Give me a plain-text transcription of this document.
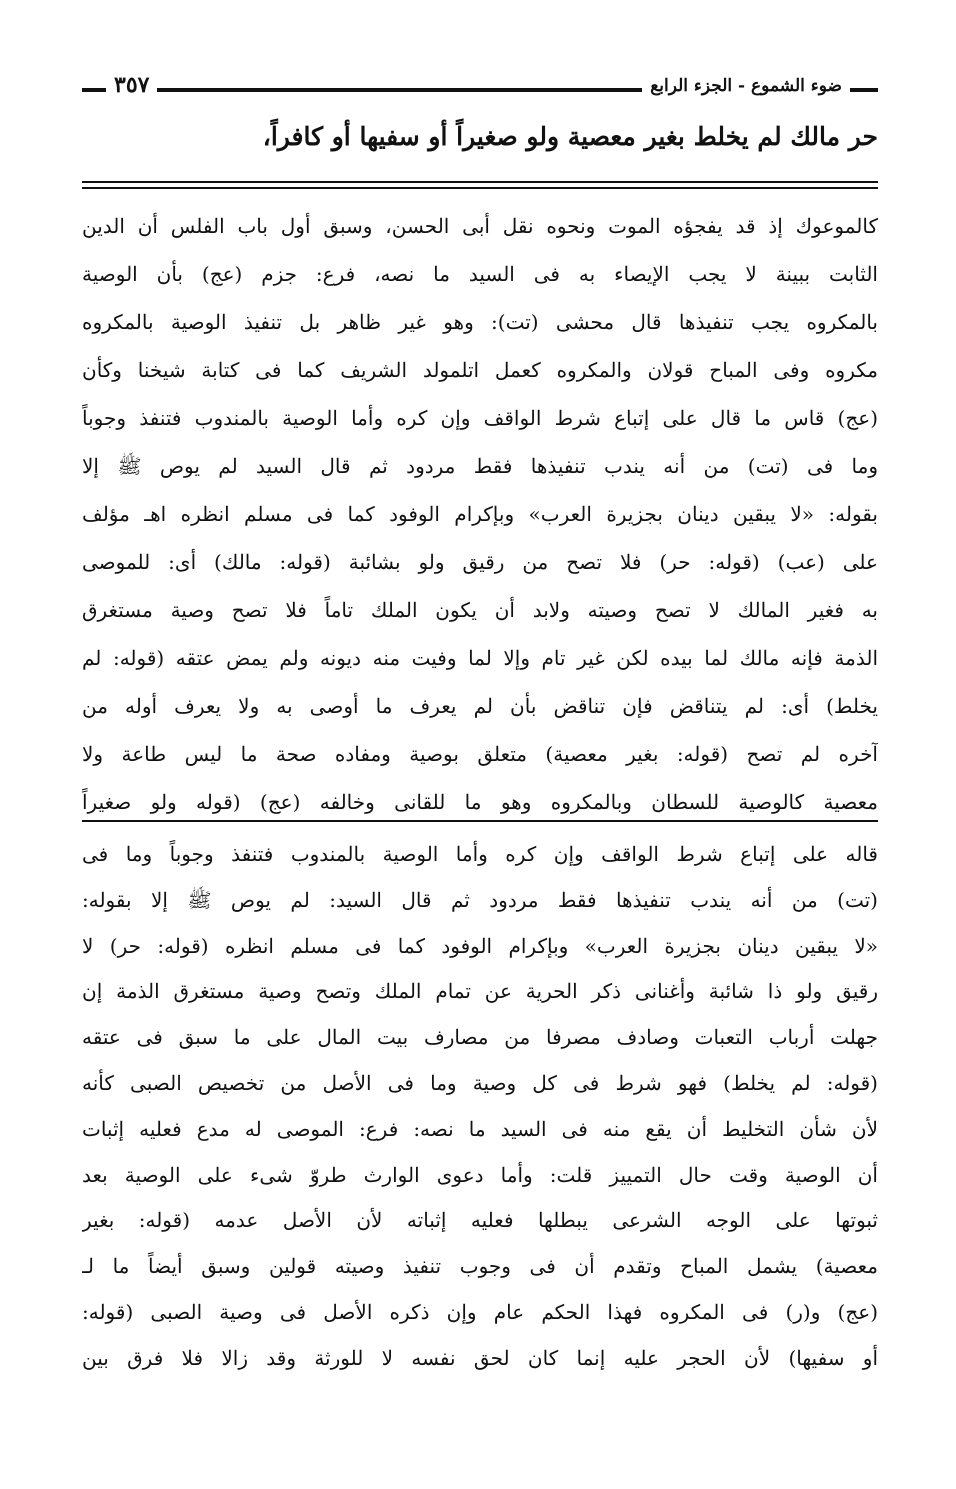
ضوء الشموع - الجزء الرابع
٣٥٧
حر مالك لم يخلط بغير معصية ولو صغيراً أو سفيها أو كافراً،
كالموعوك إذ قد يفجؤه الموت ونحوه نقل أبى الحسن، وسبق أول باب الفلس أن الدين
الثابت ببينة لا يجب الإيصاء به فى السيد ما نصه، فرع: جزم (عج) بأن الوصية
بالمكروه يجب تنفيذها قال محشى (تت): وهو غير ظاهر بل تنفيذ الوصية بالمكروه
مكروه وفى المباح قولان والمكروه كعمل اتلمولد الشريف كما فى كتابة شيخنا وكأن
(عج) قاس ما قال على إتباع شرط الواقف وإن كره وأما الوصية بالمندوب فتنفذ وجوباً
وما فى (تت) من أنه يندب تنفيذها فقط مردود ثم قال السيد لم يوص ﷺ إلا
بقوله: «لا يبقين دينان بجزيرة العرب» وبإكرام الوفود كما فى مسلم انظره اهـ مؤلف
على (عب) (قوله: حر) فلا تصح من رقيق ولو بشائبة (قوله: مالك) أى: للموصى
به فغير المالك لا تصح وصيته ولابد أن يكون الملك تاماً فلا تصح وصية مستغرق
الذمة فإنه مالك لما بيده لكن غير تام وإلا لما وفيت منه ديونه ولم يمض عتقه (قوله: لم
يخلط) أى: لم يتناقض فإن تناقض بأن لم يعرف ما أوصى به ولا يعرف أوله من
آخره لم تصح (قوله: بغير معصية) متعلق بوصية ومفاده صحة ما ليس طاعة ولا
معصية كالوصية للسطان وبالمكروه وهو ما للقانى وخالفه (عج) (قوله ولو صغيراً
قاله على إتباع شرط الواقف وإن كره وأما الوصية بالمندوب فتنفذ وجوباً وما فى
(تت) من أنه يندب تنفيذها فقط مردود ثم قال السيد: لم يوص ﷺ إلا بقوله:
«لا يبقين دينان بجزيرة العرب» وبإكرام الوفود كما فى مسلم انظره (قوله: حر) لا
رقيق ولو ذا شائبة وأغنانى ذكر الحرية عن تمام الملك وتصح وصية مستغرق الذمة إن
جهلت أرباب التعبات وصادف مصرفا من مصارف بيت المال على ما سبق فى عتقه
(قوله: لم يخلط) فهو شرط فى كل وصية وما فى الأصل من تخصيص الصبى كأنه
لأن شأن التخليط أن يقع منه فى السيد ما نصه: فرع: الموصى له مدع فعليه إثبات
أن الوصية وقت حال التمييز قلت: وأما دعوى الوارث طروّ شىء على الوصية بعد
ثبوتها على الوجه الشرعى يبطلها فعليه إثباته لأن الأصل عدمه (قوله: بغير
معصية) يشمل المباح وتقدم أن فى وجوب تنفيذ وصيته قولين وسبق أيضاً ما لـ
(عج) و(ر) فى المكروه فهذا الحكم عام وإن ذكره الأصل فى وصية الصبى (قوله:
أو سفيها) لأن الحجر عليه إنما كان لحق نفسه لا للورثة وقد زالا فلا فرق بين
